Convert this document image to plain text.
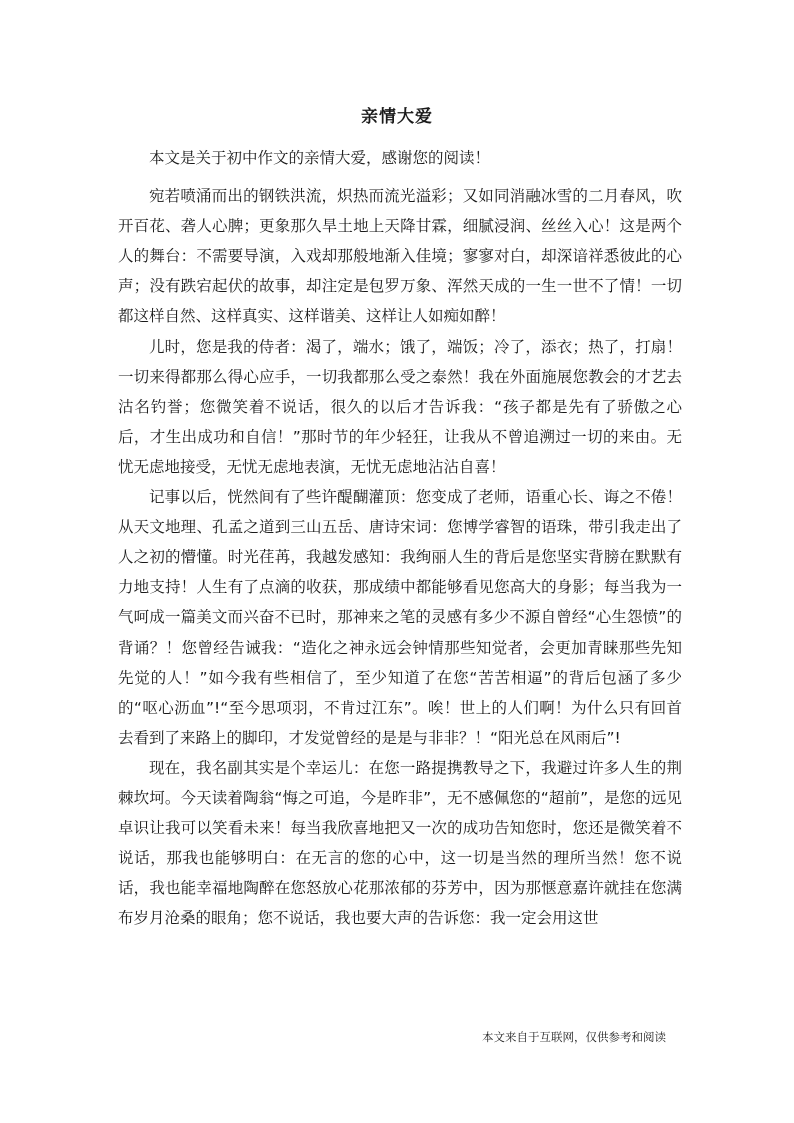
亲情大爱

本文是关于初中作文的亲情大爱，感谢您的阅读！

宛若喷涌而出的钢铁洪流，炽热而流光溢彩；又如同消融冰雪的二月春风，吹开百花、砻人心脾；更象那久旱土地上天降甘霖，细腻浸润、丝丝入心！这是两个人的舞台：不需要导演，入戏却那般地渐入佳境；寥寥对白，却深谙祥悉彼此的心声；没有跌宕起伏的故事，却注定是包罗万象、浑然天成的一生一世不了情！一切都这样自然、这样真实、这样谐美、这样让人如痴如醉！

儿时，您是我的侍者：渴了，端水；饿了，端饭；冷了，添衣；热了，打扇！一切来得都那么得心应手，一切我都那么受之泰然！我在外面施展您教会的才艺去沽名钓誉；您微笑着不说话，很久的以后才告诉我：“孩子都是先有了骄傲之心后，才生出成功和自信！”那时节的年少轻狂，让我从不曾追溯过一切的来由。无忧无虑地接受，无忧无虑地表演，无忧无虑地沾沾自喜！

记事以后，恍然间有了些许醍醐灌顶：您变成了老师，语重心长、诲之不倦！从天文地理、孔孟之道到三山五岳、唐诗宋词：您博学睿智的语珠，带引我走出了人之初的懵懂。时光荏苒，我越发感知：我绚丽人生的背后是您坚实背膀在默默有力地支持！人生有了点滴的收获，那成绩中都能够看见您高大的身影；每当我为一气呵成一篇美文而兴奋不已时，那神来之笔的灵感有多少不源自曾经“心生怨愤”的背诵？！您曾经告诫我：“造化之神永远会钟情那些知觉者，会更加青睐那些先知先觉的人！”如今我有些相信了，至少知道了在您“苦苦相逼”的背后包涵了多少的“呕心沥血”!“至今思项羽，不肯过江东”。唉！世上的人们啊！为什么只有回首去看到了来路上的脚印，才发觉曾经的是是与非非？！“阳光总在风雨后”!

现在，我名副其实是个幸运儿：在您一路提携教导之下，我避过许多人生的荆棘坎坷。今天读着陶翁“悔之可追，今是昨非”，无不感佩您的“超前”，是您的远见卓识让我可以笑看未来！每当我欣喜地把又一次的成功告知您时，您还是微笑着不说话，那我也能够明白：在无言的您的心中，这一切是当然的理所当然！您不说话，我也能幸福地陶醉在您怒放心花那浓郁的芬芳中，因为那惬意嘉许就挂在您满布岁月沧桑的眼角；您不说话，我也要大声的告诉您：我一定会用这世

本文来自于互联网，仅供参考和阅读
